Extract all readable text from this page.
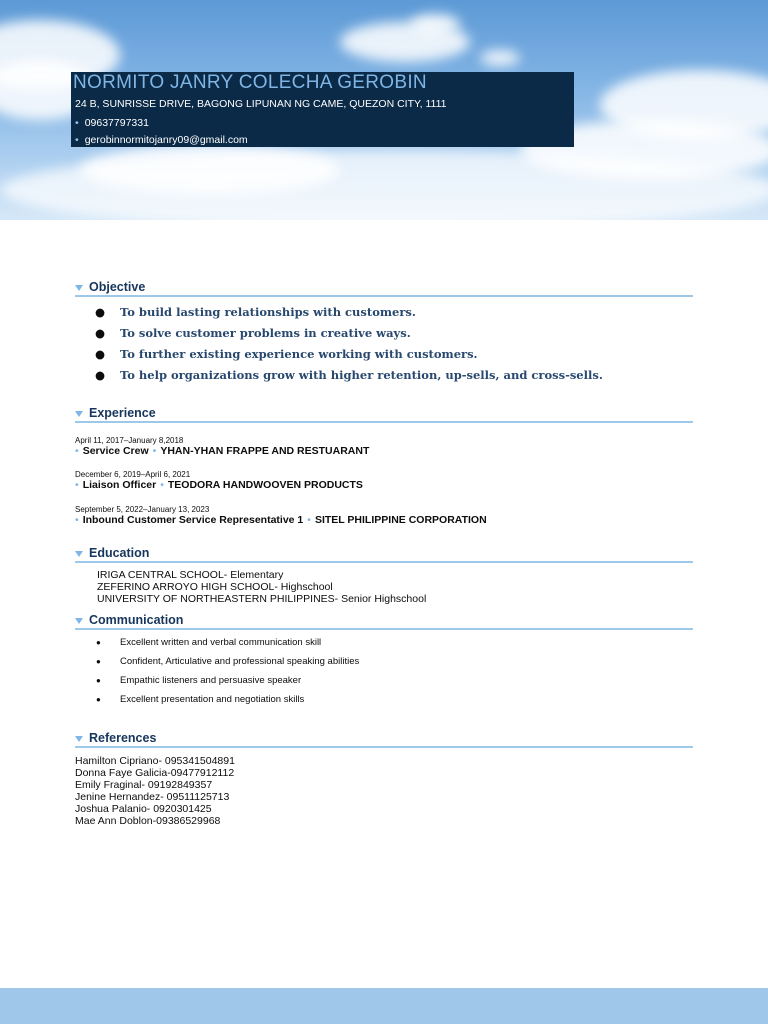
NORMITO JANRY COLECHA GEROBIN
24 B, SUNRISSE DRIVE, BAGONG LIPUNAN NG CAME, QUEZON CITY, 1111
• 09637797331
• gerobinnormitojanry09@gmail.com
Objective
● To build lasting relationships with customers.
● To solve customer problems in creative ways.
● To further existing experience working with customers.
● To help organizations grow with higher retention, up-sells, and cross-sells.
Experience
April 11, 2017–January 8,2018
• Service Crew • YHAN-YHAN FRAPPE AND RESTUARANT
December 6, 2019–April 6, 2021
• Liaison Officer • TEODORA HANDWOOVEN PRODUCTS
September 5, 2022–January 13, 2023
• Inbound Customer Service Representative 1 • SITEL PHILIPPINE CORPORATION
Education
IRIGA CENTRAL SCHOOL- Elementary
ZEFERINO ARROYO HIGH SCHOOL- Highschool
UNIVERSITY OF NORTHEASTERN PHILIPPINES- Senior Highschool
Communication
● Excellent written and verbal communication skill
● Confident, Articulative and professional speaking abilities
● Empathic listeners and persuasive speaker
● Excellent presentation and negotiation skills
References
Hamilton Cipriano- 095341504891
Donna Faye Galicia-09477912112
Emily Fraginal- 09192849357
Jenine Hernandez- 09511125713
Joshua Palanio- 0920301425
Mae Ann Doblon-09386529968
